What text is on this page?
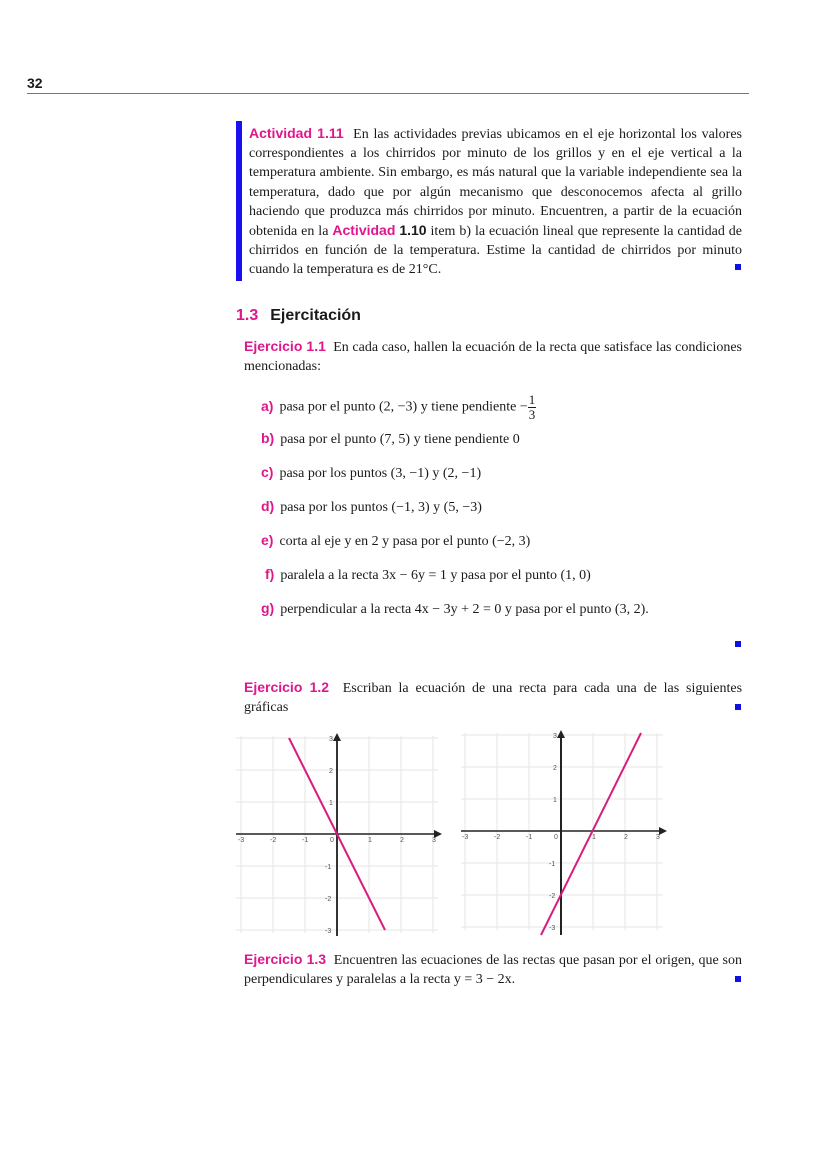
32
Actividad 1.11 En las actividades previas ubicamos en el eje horizontal los valores correspondientes a los chirridos por minuto de los grillos y en el eje vertical a la temperatura ambiente. Sin embargo, es más natural que la variable independiente sea la temperatura, dado que por algún mecanismo que desconocemos afecta al grillo haciendo que produzca más chirridos por minuto. Encuentren, a partir de la ecuación obtenida en la Actividad 1.10 item b) la ecuación lineal que represente la cantidad de chirridos en función de la temperatura. Estime la cantidad de chirridos por minuto cuando la temperatura es de 21°C.
1.3 Ejercitación
Ejercicio 1.1 En cada caso, hallen la ecuación de la recta que satisface las condiciones mencionadas:
a) pasa por el punto (2, −3) y tiene pendiente − $\frac{1}{3}$
b) pasa por el punto (7, 5) y tiene pendiente 0
c) pasa por los puntos (3, −1) y (2, −1)
d) pasa por los puntos (−1, 3) y (5, −3)
e) corta al eje y en 2 y pasa por el punto (−2, 3)
f) paralela a la recta 3x − 6y = 1 y pasa por el punto (1, 0)
g) perpendicular a la recta 4x − 3y + 2 = 0 y pasa por el punto (3, 2).
Ejercicio 1.2 Escriban la ecuación de una recta para cada una de las siguientes gráficas
-3	-2	-1	0	1	2	3
3
2
1
-1
-2
-3
-3	-2	-1	0	1	2	3
3
2
1
-1
-2
-3
Ejercicio 1.3 Encuentren las ecuaciones de las rectas que pasan por el origen, que son perpendiculares y paralelas a la recta y = 3 − 2x.
